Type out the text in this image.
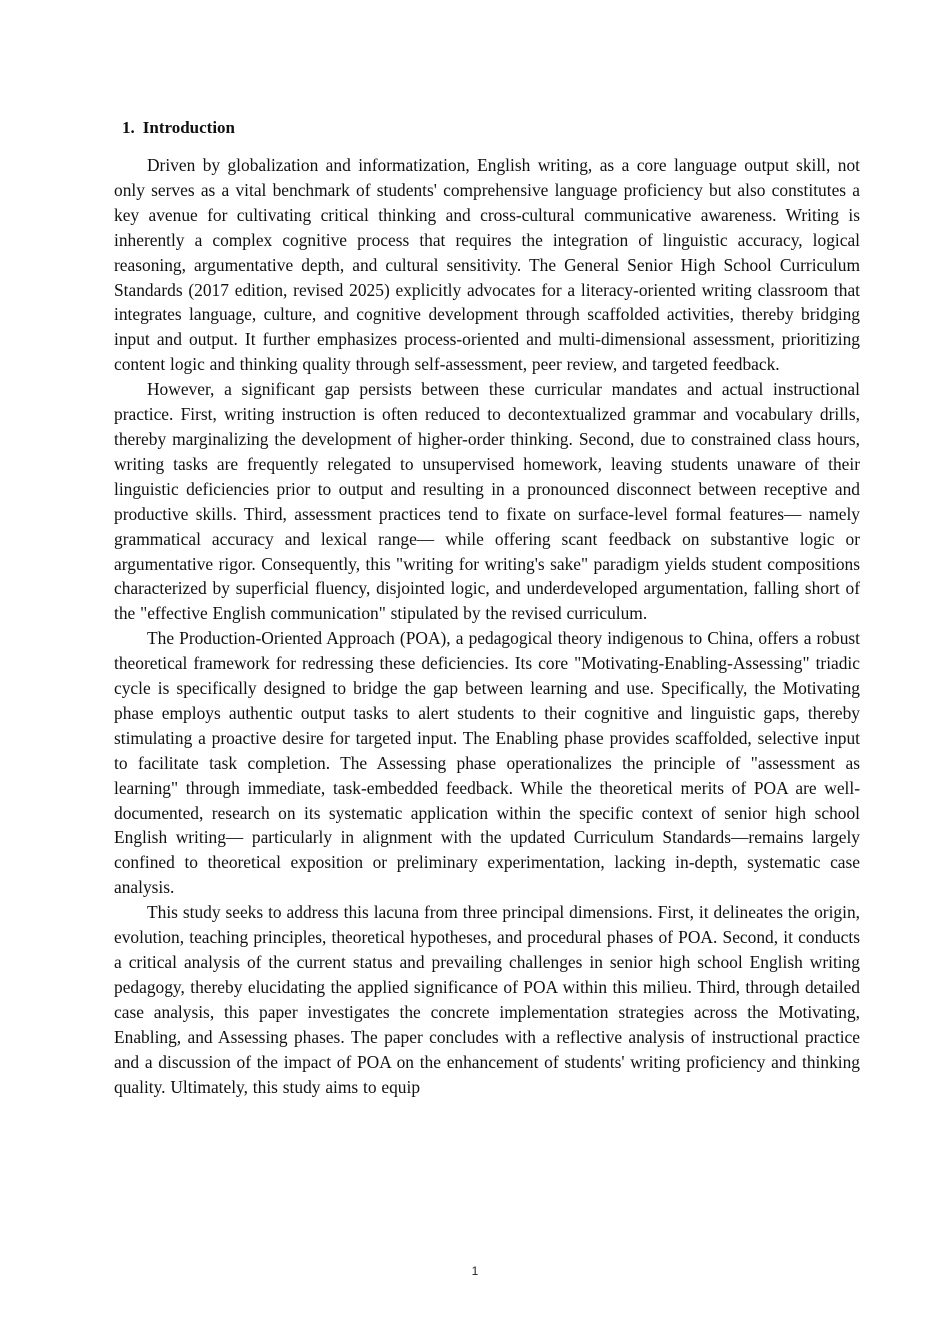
1. Introduction

Driven by globalization and informatization, English writing, as a core language output skill, not only serves as a vital benchmark of students' comprehensive language proficiency but also constitutes a key avenue for cultivating critical thinking and cross-cultural communicative awareness. Writing is inherently a complex cognitive process that requires the integration of linguistic accuracy, logical reasoning, argumentative depth, and cultural sensitivity. The General Senior High School Curriculum Standards (2017 edition, revised 2025) explicitly advocates for a literacy-oriented writing classroom that integrates language, culture, and cognitive development through scaffolded activities, thereby bridging input and output. It further emphasizes process-oriented and multi-dimensional assessment, prioritizing content logic and thinking quality through self-assessment, peer review, and targeted feedback.

However, a significant gap persists between these curricular mandates and actual instructional practice. First, writing instruction is often reduced to decontextualized grammar and vocabulary drills, thereby marginalizing the development of higher-order thinking. Second, due to constrained class hours, writing tasks are frequently relegated to unsupervised homework, leaving students unaware of their linguistic deficiencies prior to output and resulting in a pronounced disconnect between receptive and productive skills. Third, assessment practices tend to fixate on surface-level formal features— namely grammatical accuracy and lexical range— while offering scant feedback on substantive logic or argumentative rigor. Consequently, this "writing for writing's sake" paradigm yields student compositions characterized by superficial fluency, disjointed logic, and underdeveloped argumentation, falling short of the "effective English communication" stipulated by the revised curriculum.

The Production-Oriented Approach (POA), a pedagogical theory indigenous to China, offers a robust theoretical framework for redressing these deficiencies. Its core "Motivating-Enabling-Assessing" triadic cycle is specifically designed to bridge the gap between learning and use. Specifically, the Motivating phase employs authentic output tasks to alert students to their cognitive and linguistic gaps, thereby stimulating a proactive desire for targeted input. The Enabling phase provides scaffolded, selective input to facilitate task completion. The Assessing phase operationalizes the principle of "assessment as learning" through immediate, task-embedded feedback. While the theoretical merits of POA are well-documented, research on its systematic application within the specific context of senior high school English writing— particularly in alignment with the updated Curriculum Standards—remains largely confined to theoretical exposition or preliminary experimentation, lacking in-depth, systematic case analysis.

This study seeks to address this lacuna from three principal dimensions. First, it delineates the origin, evolution, teaching principles, theoretical hypotheses, and procedural phases of POA. Second, it conducts a critical analysis of the current status and prevailing challenges in senior high school English writing pedagogy, thereby elucidating the applied significance of POA within this milieu. Third, through detailed case analysis, this paper investigates the concrete implementation strategies across the Motivating, Enabling, and Assessing phases. The paper concludes with a reflective analysis of instructional practice and a discussion of the impact of POA on the enhancement of students' writing proficiency and thinking quality. Ultimately, this study aims to equip

1
